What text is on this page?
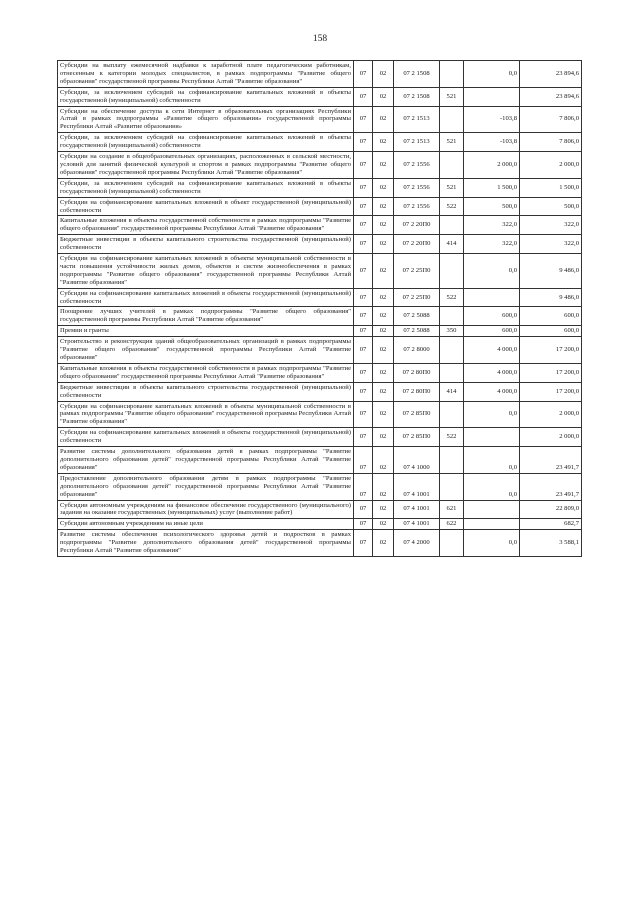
158
Субсидии на выплату ежемесячной надбавки к заработной плате педагогическим работникам, отнесенным к категории молодых специалистов, в рамках подпрограммы "Развитие общего образования" государственной программы Республики Алтай "Развитие образования"	07	02	07 2 1508		0,0	23 894,6
Субсидии, за исключением субсидий на софинансирование капитальных вложений в объекты государственной (муниципальной) собственности	07	02	07 2 1508	521		23 894,6
Субсидии на обеспечение доступа к сети Интернет в образовательных организациях Республики Алтай в рамках подпрограммы «Развитие общего образования» государственной программы Республики Алтай «Развитие образования»	07	02	07 2 1513		-103,8	7 806,0
Субсидии, за исключением субсидий на софинансирование капитальных вложений в объекты государственной (муниципальной) собственности	07	02	07 2 1513	521	-103,8	7 806,0
Субсидии на создание в общеобразовательных организациях, расположенных в сельской местности, условий для занятий физической культурой и спортом в рамках подпрограммы "Развитие общего образования" государственной программы Республики Алтай "Развитие образования"	07	02	07 2 1556		2 000,0	2 000,0
Субсидии, за исключением субсидий на софинансирование капитальных вложений в объекты государственной (муниципальной) собственности	07	02	07 2 1556	521	1 500,0	1 500,0
Субсидии на софинансирование капитальных вложений в объект государственной (муниципальной) собственности	07	02	07 2 1556	522	500,0	500,0
Капитальные вложения в объекты государственной собственности в рамках подпрограммы "Развитие общего образования" государственной программы Республики Алтай "Развитие образования"	07	02	07 2 20П0		322,0	322,0
Бюджетные инвестиции в объекты капитального строительства государственной (муниципальной) собственности	07	02	07 2 20П0	414	322,0	322,0
Субсидии на софинансирование капитальных вложений в объекты муниципальной собственности в части повышения устойчивости жилых домов, объектов и систем жизнеобеспечения в рамках подпрограммы "Развитие общего образования" государственной программы Республики Алтай "Развитие образования"	07	02	07 2 25П0		0,0	9 486,0
Субсидии на софинансирование капитальных вложений в объекты государственной (муниципальной) собственности	07	02	07 2 25П0	522		9 486,0
Поощрение лучших учителей в рамках подпрограммы "Развитие общего образования" государственной программы Республики Алтай "Развитие образования"	07	02	07 2 5088		600,0	600,0
Премии и гранты	07	02	07 2 5088	350	600,0	600,0
Строительство и реконструкция зданий общеобразовательных организаций в рамках подпрограммы "Развитие общего образования" государственной программы Республики Алтай "Развитие образования"	07	02	07 2 8000		4 000,0	17 200,0
Капитальные вложения в объекты государственной собственности в рамках подпрограммы "Развитие общего образования" государственной программы Республики Алтай "Развитие образования"	07	02	07 2 80П0		4 000,0	17 200,0
Бюджетные инвестиции в объекты капитального строительства государственной (муниципальной) собственности	07	02	07 2 80П0	414	4 000,0	17 200,0
Субсидии на софинансирование капитальных вложений в объекты муниципальной собственности в рамках подпрограммы "Развитие общего образования" государственной программы Республики Алтай "Развитие образования"	07	02	07 2 85П0		0,0	2 000,0
Субсидии на софинансирование капитальных вложений в объекты государственной (муниципальной) собственности	07	02	07 2 85П0	522		2 000,0
Развитие системы дополнительного образования детей в рамках подпрограммы "Развитие дополнительного образования детей" государственной программы Республики Алтай "Развитие образования"	07	02	07 4 1000		0,0	23 491,7
Предоставление дополнительного образования детям в рамках подпрограммы "Развитие дополнительного образования детей" государственной программы Республики Алтай "Развитие образования"	07	02	07 4 1001		0,0	23 491,7
Субсидии автономным учреждениям на финансовое обеспечение государственного (муниципального) задания на оказание государственных (муниципальных) услуг (выполнение работ)	07	02	07 4 1001	621		22 809,0
Субсидии автономным учреждениям на иные цели	07	02	07 4 1001	622		682,7
Развитие системы обеспечения психологического здоровья детей и подростков в рамках подпрограммы "Развитие дополнительного образования детей" государственной программы Республики Алтай "Развитие образования"	07	02	07 4 2000		0,0	3 588,1
